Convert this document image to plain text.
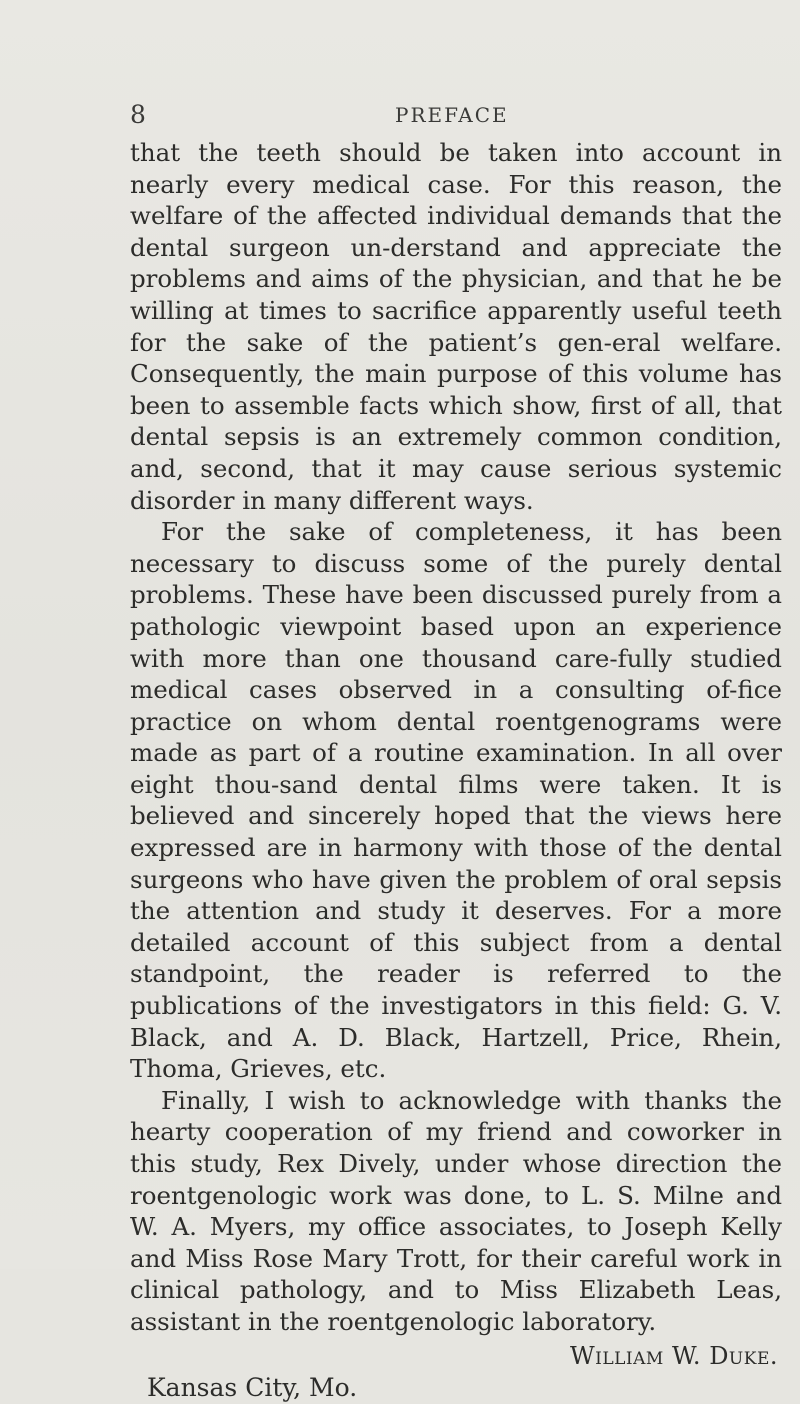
8	PREFACE

that the teeth should be taken into account in nearly every medical case. For this reason, the welfare of the affected individual demands that the dental surgeon un-derstand and appreciate the problems and aims of the physician, and that he be willing at times to sacrifice apparently useful teeth for the sake of the patient’s gen-eral welfare. Consequently, the main purpose of this volume has been to assemble facts which show, first of all, that dental sepsis is an extremely common condition, and, second, that it may cause serious systemic disorder in many different ways.

For the sake of completeness, it has been necessary to discuss some of the purely dental problems. These have been discussed purely from a pathologic viewpoint based upon an experience with more than one thousand care-fully studied medical cases observed in a consulting of-fice practice on whom dental roentgenograms were made as part of a routine examination. In all over eight thou-sand dental films were taken. It is believed and sincerely hoped that the views here expressed are in harmony with those of the dental surgeons who have given the problem of oral sepsis the attention and study it deserves. For a more detailed account of this subject from a dental standpoint, the reader is referred to the publications of the investigators in this field: G. V. Black, and A. D. Black, Hartzell, Price, Rhein, Thoma, Grieves, etc.

Finally, I wish to acknowledge with thanks the hearty cooperation of my friend and coworker in this study, Rex Dively, under whose direction the roentgenologic work was done, to L. S. Milne and W. A. Myers, my office associates, to Joseph Kelly and Miss Rose Mary Trott, for their careful work in clinical pathology, and to Miss Elizabeth Leas, assistant in the roentgenologic laboratory.

William W. Duke.
Kansas City, Mo.
